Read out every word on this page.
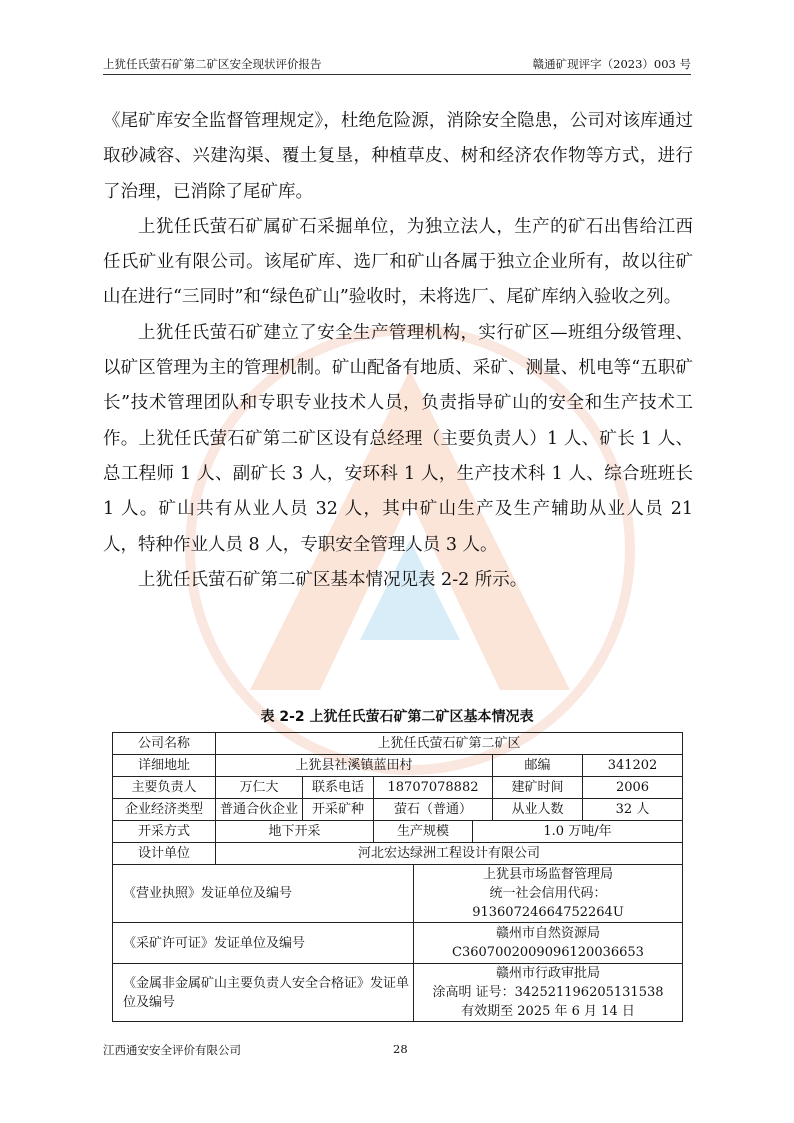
上犹任氏萤石矿第二矿区安全现状评价报告	赣通矿现评字（2023）003 号

《尾矿库安全监督管理规定》，杜绝危险源，消除安全隐患，公司对该库通过取砂减容、兴建沟渠、覆土复垦，种植草皮、树和经济农作物等方式，进行了治理，已消除了尾矿库。

上犹任氏萤石矿属矿石采掘单位，为独立法人，生产的矿石出售给江西任氏矿业有限公司。该尾矿库、选厂和矿山各属于独立企业所有，故以往矿山在进行“三同时”和“绿色矿山”验收时，未将选厂、尾矿库纳入验收之列。

上犹任氏萤石矿建立了安全生产管理机构，实行矿区—班组分级管理、以矿区管理为主的管理机制。矿山配备有地质、采矿、测量、机电等“五职矿长”技术管理团队和专职专业技术人员，负责指导矿山的安全和生产技术工作。上犹任氏萤石矿第二矿区设有总经理（主要负责人）1 人、矿长 1 人、总工程师 1 人、副矿长 3 人，安环科 1 人，生产技术科 1 人、综合班班长 1 人。矿山共有从业人员 32 人，其中矿山生产及生产辅助从业人员 21 人，特种作业人员 8 人，专职安全管理人员 3 人。

上犹任氏萤石矿第二矿区基本情况见表 2-2 所示。

表 2-2 上犹任氏萤石矿第二矿区基本情况表
公司名称	上犹任氏萤石矿第二矿区						
详细地址	上犹县社溪镇蓝田村					邮编	341202
主要负责人	万仁大	联系电话	18707078882			建矿时间	2006
企业经济类型	普通合伙企业	开采矿种	萤石（普通）			从业人数	32 人
开采方式	地下开采		生产规模		1.0 万吨/年		
设计单位	河北宏达绿洲工程设计有限公司						
《营业执照》发证单位及编号				上犹县市场监督管理局
统一社会信用代码：91360724664752264U			

《采矿许可证》发证单位及编号				赣州市自然资源局
C3607002009096120036653			

《金属非金属矿山主要负责人安全合格证》发证单位及编号				赣州市行政审批局
涂高明 证号：342521196205131538
有效期至 2025 年 6 月 14 日			
江西通安安全评价有限公司	28
